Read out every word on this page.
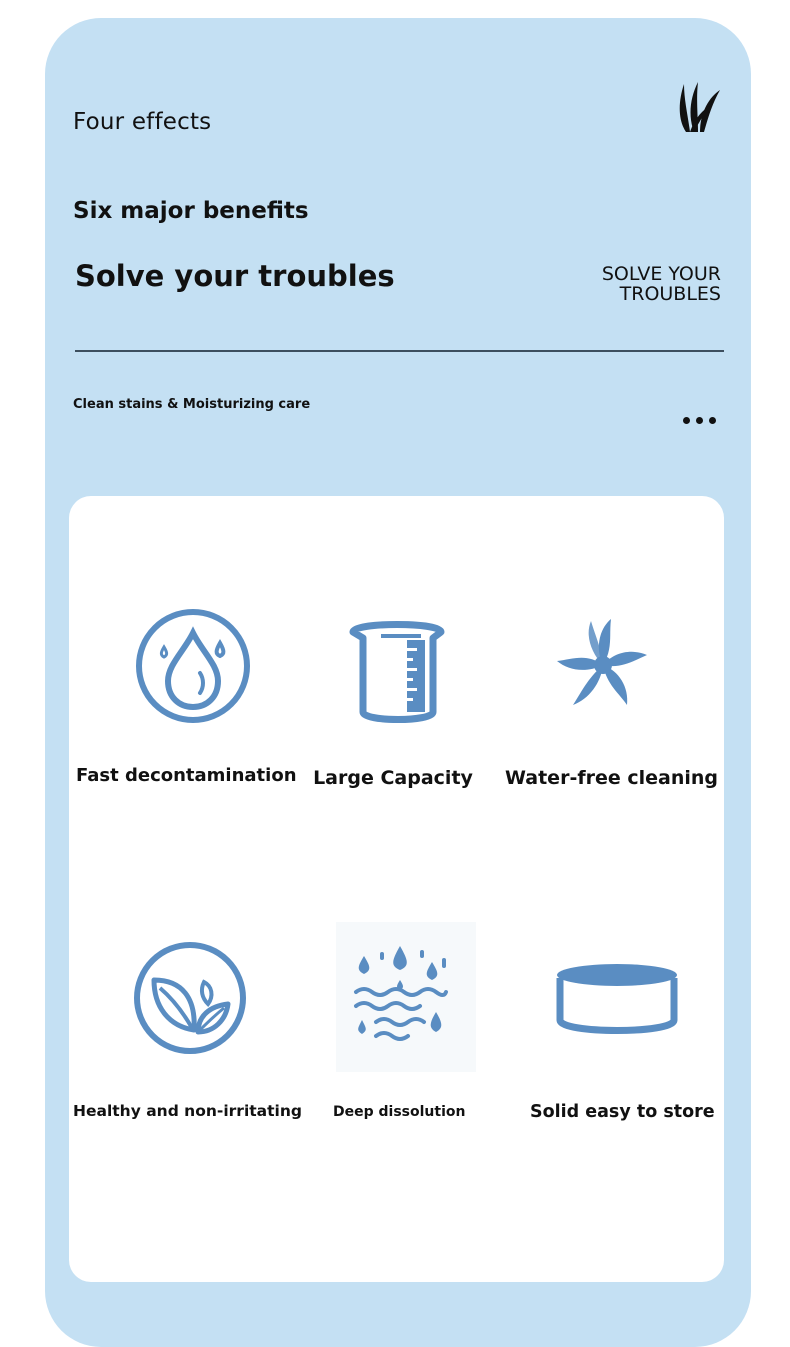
Four effects
Six major benefits
Solve your troubles	SOLVE YOUR
TROUBLES
Clean stains & Moisturizing care
Fast decontamination Large Capacity Water-free cleaning
Healthy and non-irritating Deep dissolution	Solid easy to store
